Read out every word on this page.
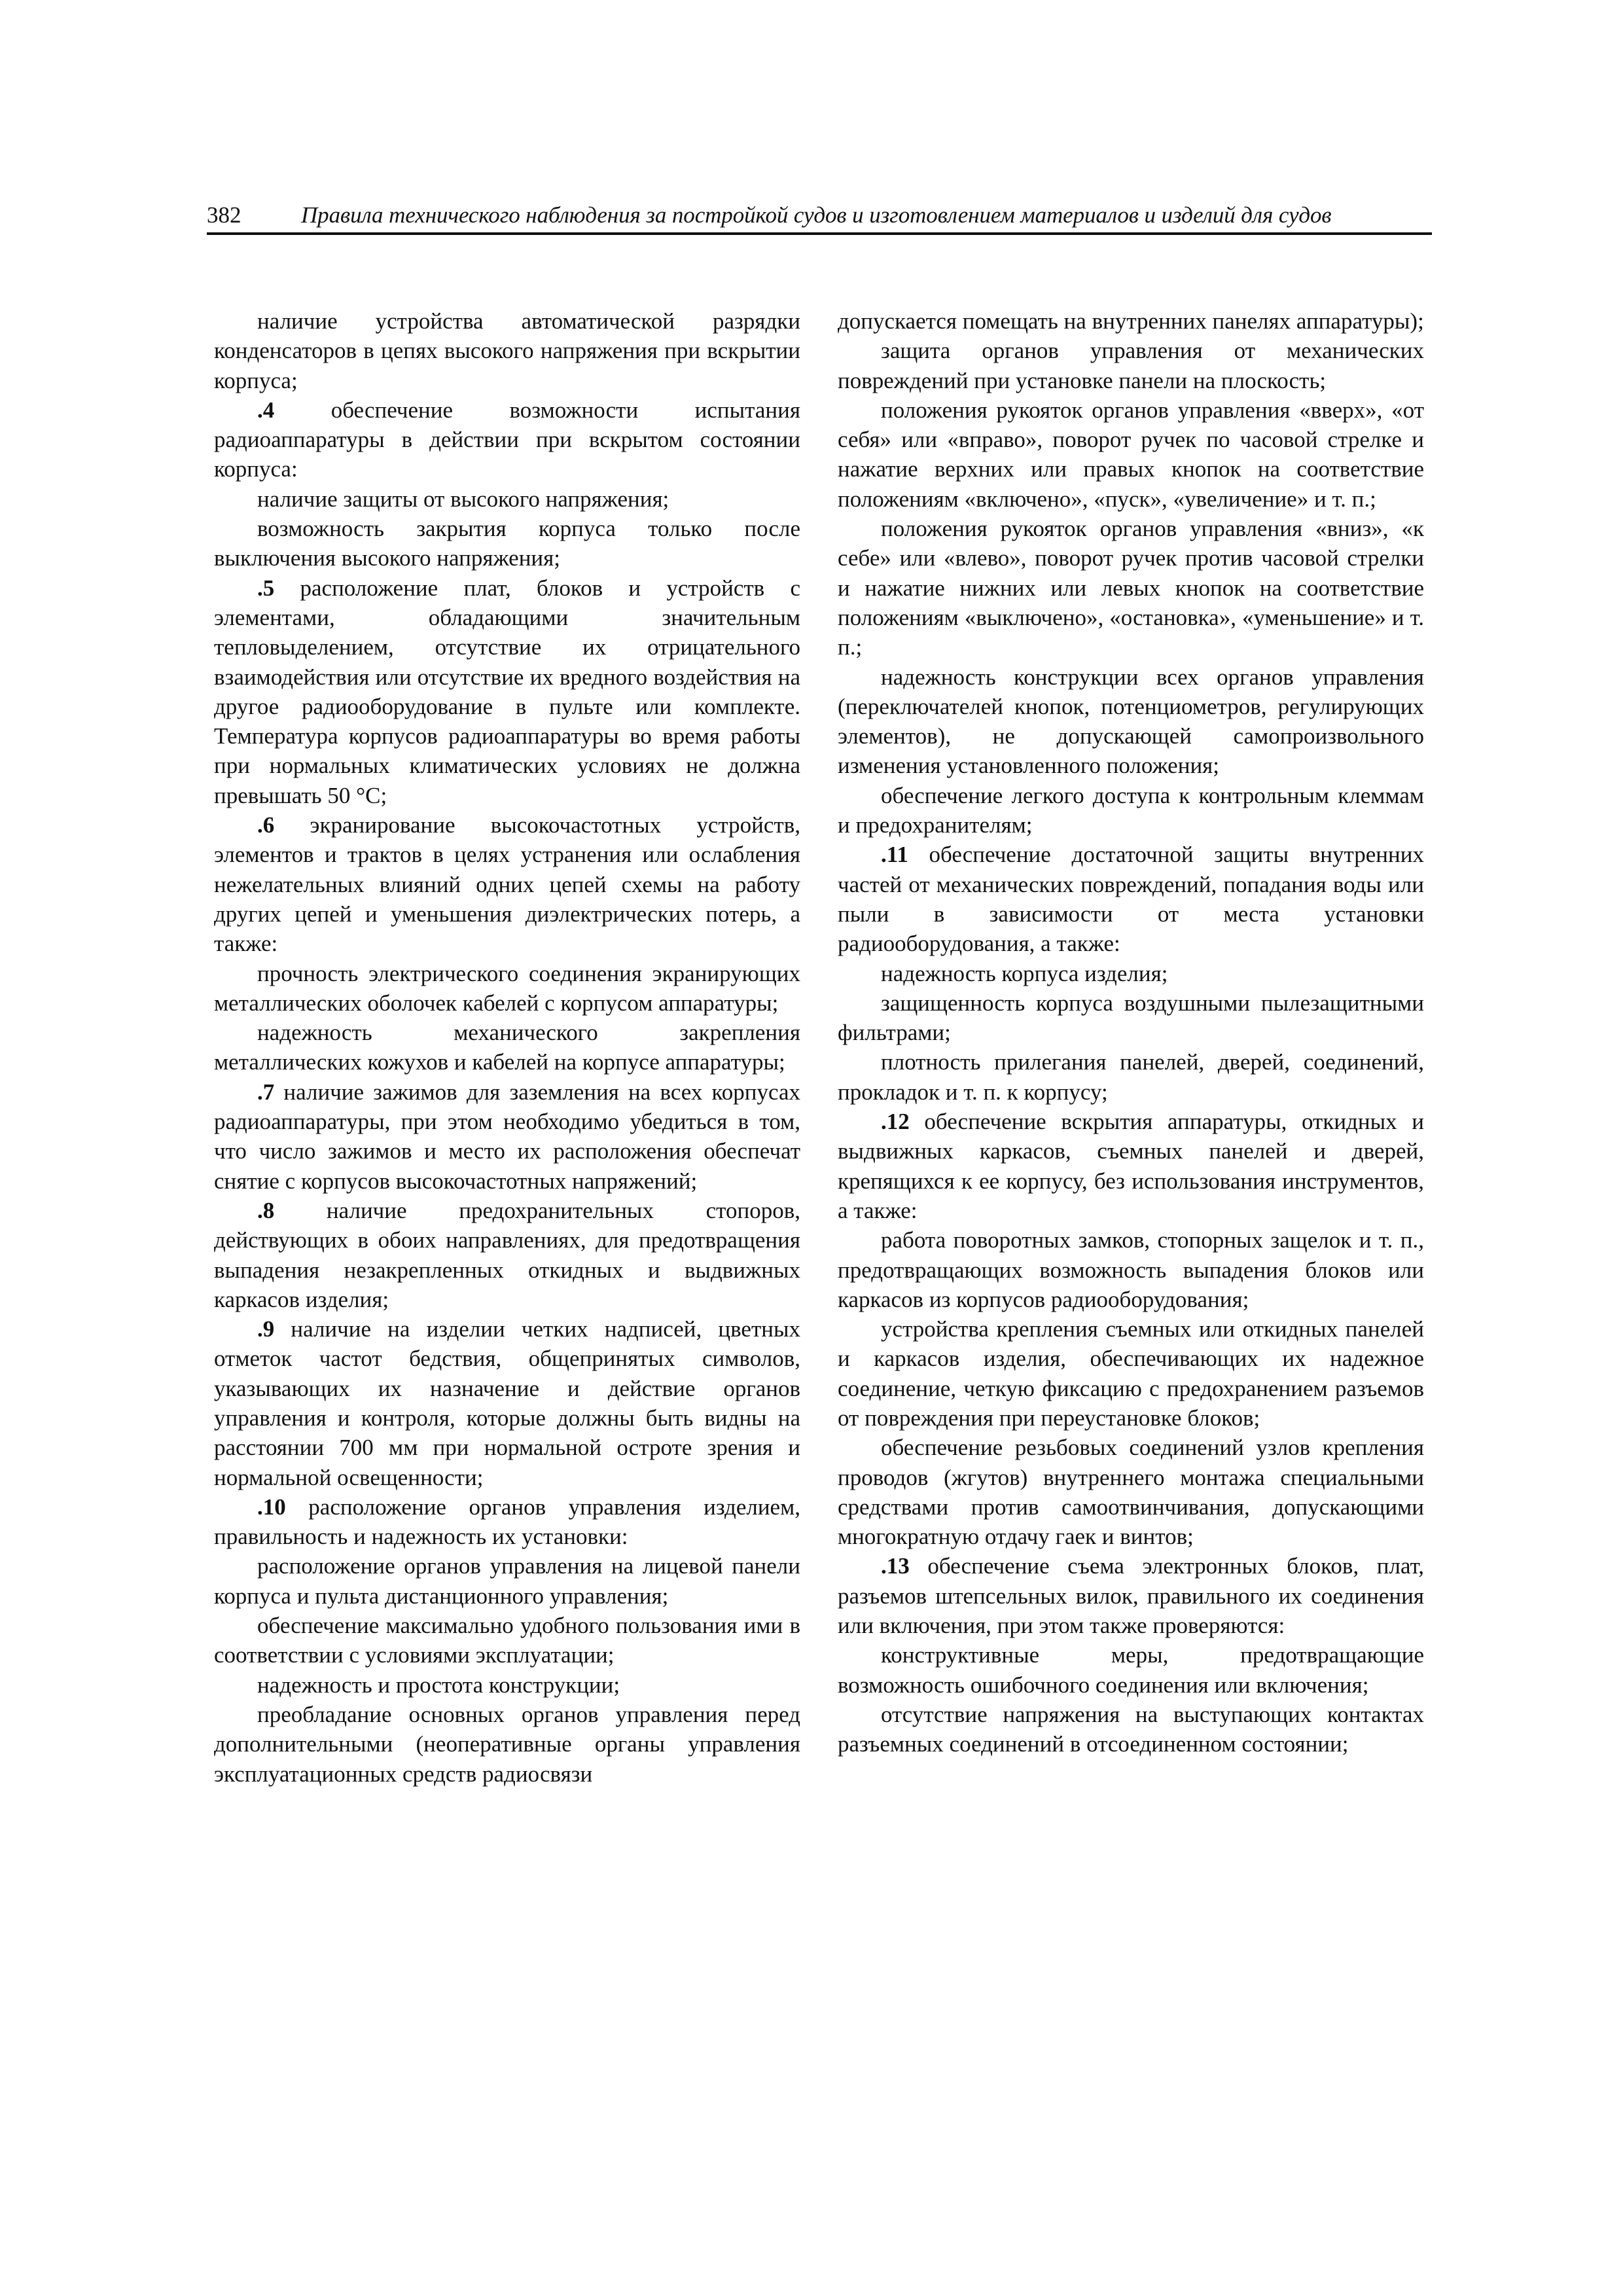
382	Правила технического наблюдения за постройкой судов и изготовлением материалов и изделий для судов

наличие устройства автоматической разрядки конденсаторов в цепях высокого напряжения при вскрытии корпуса;

.4 обеспечение возможности испытания радиоаппаратуры в действии при вскрытом состоянии корпуса:

наличие защиты от высокого напряжения;

возможность закрытия корпуса только после выключения высокого напряжения;

.5 расположение плат, блоков и устройств с элементами, обладающими значительным тепловыделением, отсутствие их отрицательного взаимодействия или отсутствие их вредного воздействия на другое радиооборудование в пульте или комплекте. Температура корпусов радиоаппаратуры во время работы при нормальных климатических условиях не должна превышать 50 °C;

.6 экранирование высокочастотных устройств, элементов и трактов в целях устранения или ослабления нежелательных влияний одних цепей схемы на работу других цепей и уменьшения диэлектрических потерь, а также:

прочность электрического соединения экранирующих металлических оболочек кабелей с корпусом аппаратуры;

надежность механического закрепления металлических кожухов и кабелей на корпусе аппаратуры;

.7 наличие зажимов для заземления на всех корпусах радиоаппаратуры, при этом необходимо убедиться в том, что число зажимов и место их расположения обеспечат снятие с корпусов высокочастотных напряжений;

.8 наличие предохранительных стопоров, действующих в обоих направлениях, для предотвращения выпадения незакрепленных откидных и выдвижных каркасов изделия;

.9 наличие на изделии четких надписей, цветных отметок частот бедствия, общепринятых символов, указывающих их назначение и действие органов управления и контроля, которые должны быть видны на расстоянии 700 мм при нормальной остроте зрения и нормальной освещенности;

.10 расположение органов управления изделием, правильность и надежность их установки:

расположение органов управления на лицевой панели корпуса и пульта дистанционного управления;

обеспечение максимально удобного пользования ими в соответствии с условиями эксплуатации;

надежность и простота конструкции;

преобладание основных органов управления перед дополнительными (неоперативные органы управления эксплуатационных средств радиосвязи

допускается помещать на внутренних панелях аппаратуры);

защита органов управления от механических повреждений при установке панели на плоскость;

положения рукояток органов управления «вверх», «от себя» или «вправо», поворот ручек по часовой стрелке и нажатие верхних или правых кнопок на соответствие положениям «включено», «пуск», «увеличение» и т. п.;

положения рукояток органов управления «вниз», «к себе» или «влево», поворот ручек против часовой стрелки и нажатие нижних или левых кнопок на соответствие положениям «выключено», «остановка», «уменьшение» и т. п.;

надежность конструкции всех органов управления (переключателей кнопок, потенциометров, регулирующих элементов), не допускающей самопроизвольного изменения установленного положения;

обеспечение легкого доступа к контрольным клеммам и предохранителям;

.11 обеспечение достаточной защиты внутренних частей от механических повреждений, попадания воды или пыли в зависимости от места установки радиооборудования, а также:

надежность корпуса изделия;

защищенность корпуса воздушными пылезащитными фильтрами;

плотность прилегания панелей, дверей, соединений, прокладок и т. п. к корпусу;

.12 обеспечение вскрытия аппаратуры, откидных и выдвижных каркасов, съемных панелей и дверей, крепящихся к ее корпусу, без использования инструментов, а также:

работа поворотных замков, стопорных защелок и т. п., предотвращающих возможность выпадения блоков или каркасов из корпусов радиооборудования;

устройства крепления съемных или откидных панелей и каркасов изделия, обеспечивающих их надежное соединение, четкую фиксацию с предохранением разъемов от повреждения при переустановке блоков;

обеспечение резьбовых соединений узлов крепления проводов (жгутов) внутреннего монтажа специальными средствами против самоотвинчивания, допускающими многократную отдачу гаек и винтов;

.13 обеспечение съема электронных блоков, плат, разъемов штепсельных вилок, правильного их соединения или включения, при этом также проверяются:

конструктивные меры, предотвращающие возможность ошибочного соединения или включения;

отсутствие напряжения на выступающих контактах разъемных соединений в отсоединенном состоянии;
